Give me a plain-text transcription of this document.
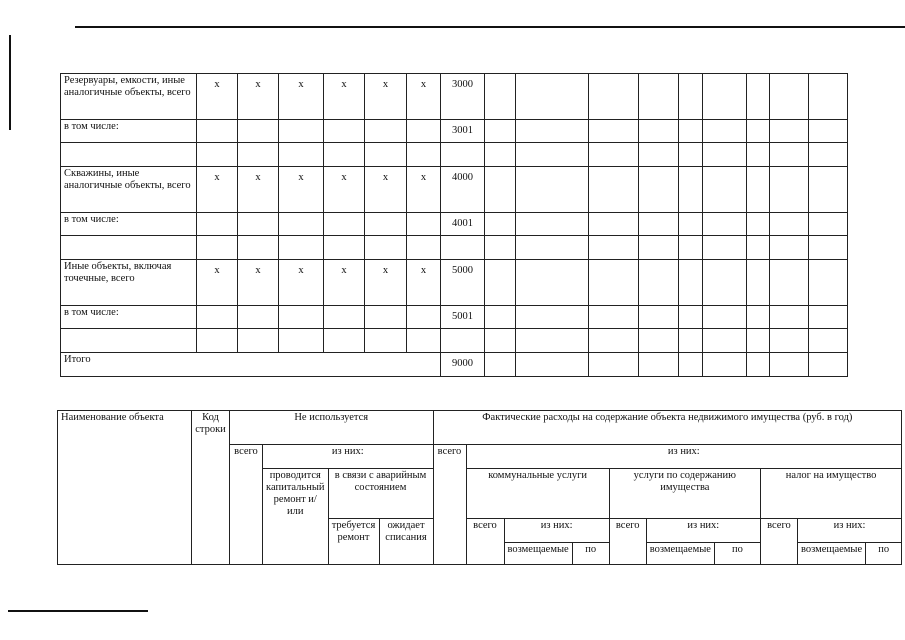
Резервуары, емкости, иные аналогичные объекты, всего	x	x	x	x	x	x	3000									
в том числе:							3001									

Скважины, иные аналогичные объекты, всего	x	x	x	x	x	x	4000									
в том числе:							4001									

Иные объекты, включая точечные, всего	x	x	x	x	x	x	5000									
в том числе:							5001									

Итого							9000									
Наименование объекта	Код строки	Не используется				Фактические расходы на содержание объекта недвижимого имущества (руб. в год)									
		всего	из них:			всего	из них:								
			проводится капитальный ремонт и/или	в связи с аварийным состоянием			коммунальные услуги			услуги по содержанию имущества			налог на имущество		

				требуется ремонт	ожидает списания		всего	из них:		всего	из них:		всего	из них:	
								возмещаемые	по		возмещаемые	по		возмещаемые	по
